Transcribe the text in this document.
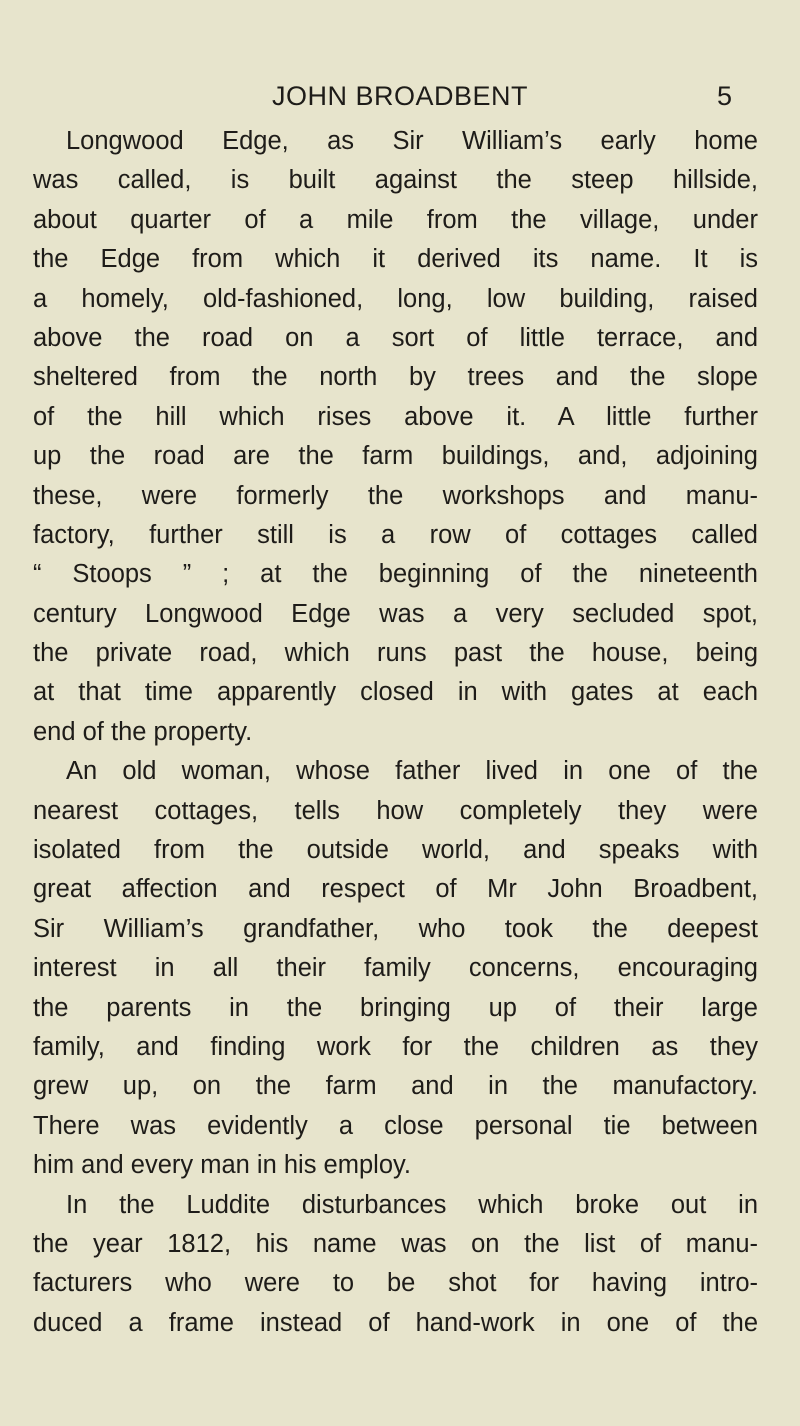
JOHN BROADBENT	5
Longwood Edge, as Sir William’s early home
was called, is built against the steep hillside,
about quarter of a mile from the village, under
the Edge from which it derived its name. It is
a homely, old-fashioned, long, low building, raised
above the road on a sort of little terrace, and
sheltered from the north by trees and the slope
of the hill which rises above it. A little further
up the road are the farm buildings, and, adjoining
these, were formerly the workshops and manu-
factory, further still is a row of cottages called
“ Stoops ” ; at the beginning of the nineteenth
century Longwood Edge was a very secluded spot,
the private road, which runs past the house, being
at that time apparently closed in with gates at each
end of the property.
An old woman, whose father lived in one of the
nearest cottages, tells how completely they were
isolated from the outside world, and speaks with
great affection and respect of Mr John Broadbent,
Sir William’s grandfather, who took the deepest
interest in all their family concerns, encouraging
the parents in the bringing up of their large
family, and finding work for the children as they
grew up, on the farm and in the manufactory.
There was evidently a close personal tie between
him and every man in his employ.
In the Luddite disturbances which broke out in
the year 1812, his name was on the list of manu-
facturers who were to be shot for having intro-
duced a frame instead of hand-work in one of the
